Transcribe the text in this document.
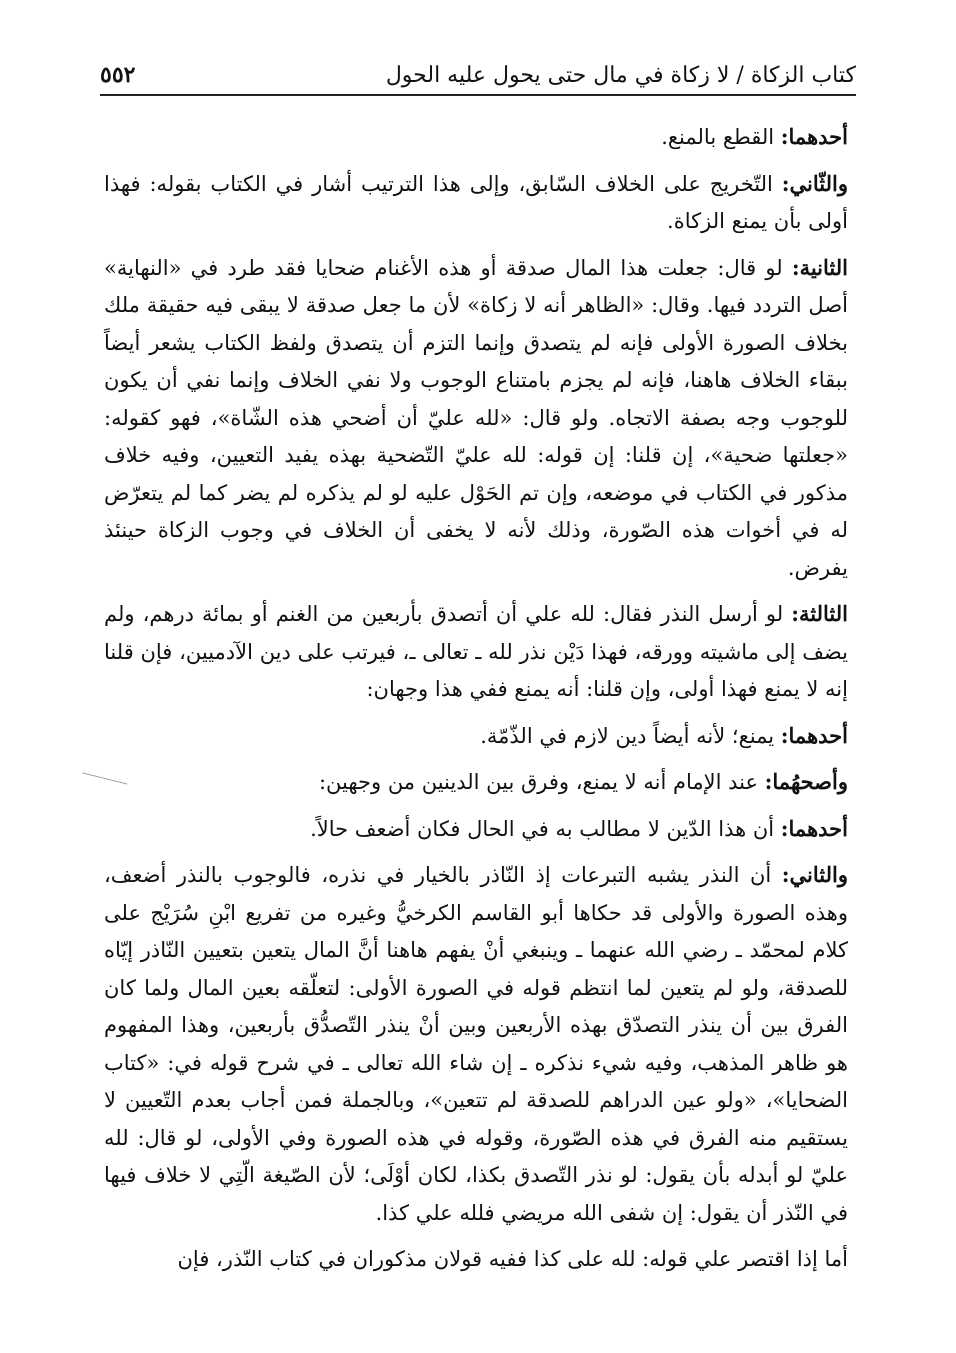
كتاب الزكاة / لا زكاة في مال حتى يحول عليه الحول
٥٥٢

أحدهما: القطع بالمنع.

والثّاني: التّخريج على الخلاف السّابق، وإلى هذا الترتيب أشار في الكتاب بقوله: فهذا أولى بأن يمنع الزكاة.

الثانية: لو قال: جعلت هذا المال صدقة أو هذه الأغنام ضحايا فقد طرد في «النهاية» أصل التردد فيها. وقال: «الظاهر أنه لا زكاة» لأن ما جعل صدقة لا يبقى فيه حقيقة ملك بخلاف الصورة الأولى فإنه لم يتصدق وإنما التزم أن يتصدق ولفظ الكتاب يشعر أيضاً ببقاء الخلاف هاهنا، فإنه لم يجزم بامتناع الوجوب ولا نفي الخلاف وإنما نفي أن يكون للوجوب وجه بصفة الاتجاه. ولو قال: «لله عليّ أن أضحي هذه الشّاة»، فهو كقوله: «جعلتها ضحية»، إن قلنا: إن قوله: لله عليّ التّضحية بهذه يفيد التعيين، وفيه خلاف مذكور في الكتاب في موضعه، وإن تم الحَوْل عليه لو لم يذكره لم يضر كما لم يتعرّض له في أخوات هذه الصّورة، وذلك لأنه لا يخفى أن الخلاف في وجوب الزكاة حينئذ يفرض.

الثالثة: لو أرسل النذر فقال: لله علي أن أتصدق بأربعين من الغنم أو بمائة درهم، ولم يضف إلى ماشيته وورقه، فهذا دَيْن نذر لله ـ تعالى ـ، فيرتب على دين الآدميين، فإن قلنا إنه لا يمنع فهذا أولى، وإن قلنا: أنه يمنع ففي هذا وجهان:

أحدهما: يمنع؛ لأنه أيضاً دين لازم في الذّمّة.

وأصحهُما: عند الإمام أنه لا يمنع، وفرق بين الدينين من وجهين:

أحدهما: أن هذا الدّين لا مطالب به في الحال فكان أضعف حالاً.

والثاني: أن النذر يشبه التبرعات إذ النّاذر بالخيار في نذره، فالوجوب بالنذر أضعف، وهذه الصورة والأولى قد حكاها أبو القاسم الكرخيُّ وغيره من تفريع ابْنِ سُرَيْج على كلام لمحمّد ـ رضي الله عنهما ـ وينبغي أنْ يفهم هاهنا أنَّ المال يتعين بتعيين النّاذر إيّاه للصدقة، ولو لم يتعين لما انتظم قوله في الصورة الأولى: لتعلّقه بعين المال ولما كان الفرق بين أن ينذر التصدّق بهذه الأربعين وبين أنْ ينذر التّصدُّق بأربعين، وهذا المفهوم هو ظاهر المذهب، وفيه شيء نذكره ـ إن شاء الله تعالى ـ في شرح قوله في: «كتاب الضحايا»، «ولو عين الدراهم للصدقة لم تتعين»، وبالجملة فمن أجاب بعدم التّعيين لا يستقيم منه الفرق في هذه الصّورة، وقوله في هذه الصورة وفي الأولى، لو قال: لله عليّ لو أبدله بأن يقول: لو نذر التّصدق بكذا، لكان أوْلَى؛ لأن الصّيغة الّتِي لا خلاف فيها في النّذر أن يقول: إن شفى الله مريضي فلله علي كذا.

أما إذا اقتصر علي قوله: لله على كذا ففيه قولان مذكوران في كتاب النّذر، فإن
